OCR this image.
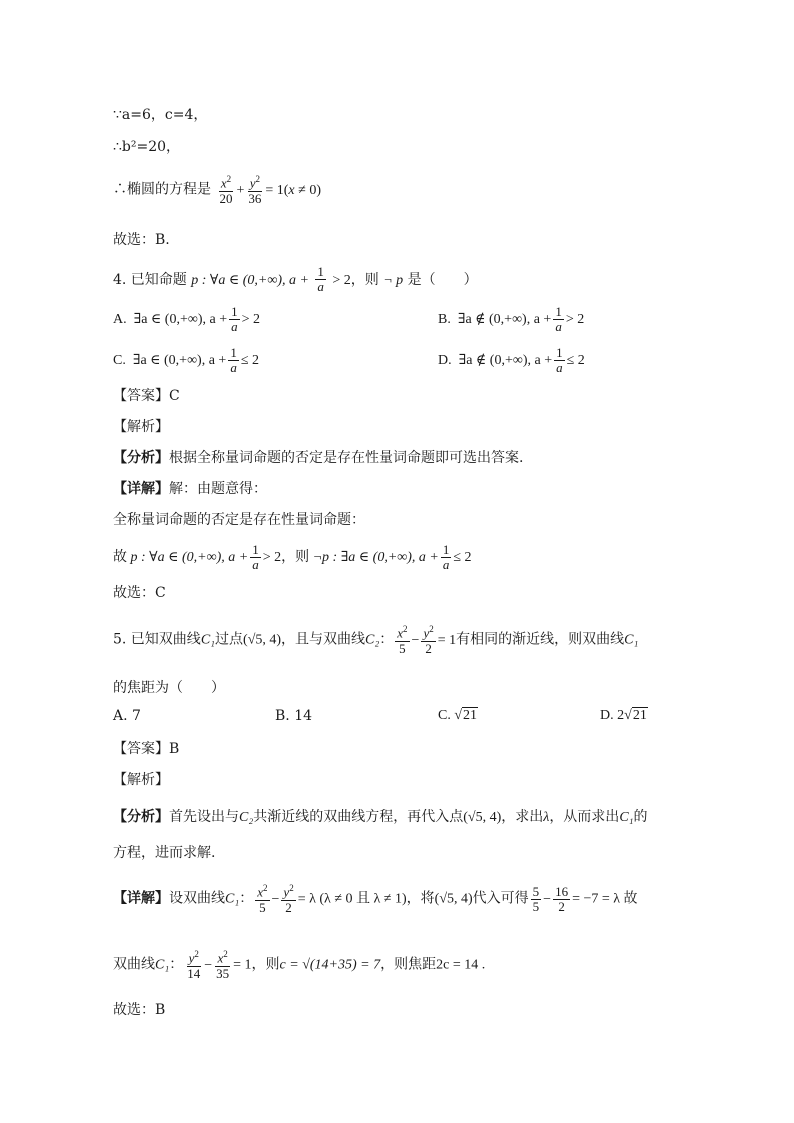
∵a=6，c=4，
∴b²=20，
∴椭圆的方程是 $\frac{x^2}{20} + \frac{y^2}{36} = 1(x \ne 0)$
故选：B.
4. 已知命题 p : ∀a ∈ (0,+∞), $a + \frac{1}{a} > 2$，则 ¬ p 是（　　）
A. ∃a ∈ (0,+∞), $a + \frac{1}{a} > 2$	B. ∃a ∉ (0,+∞), $a + \frac{1}{a} > 2$
C. ∃a ∈ (0,+∞), $a + \frac{1}{a} \le 2$	D. ∃a ∉ (0,+∞), $a + \frac{1}{a} \le 2$
【答案】C
【解析】
【分析】根据全称量词命题的否定是存在性量词命题即可选出答案.
【详解】解：由题意得：
全称量词命题的否定是存在性量词命题：
故 p : ∀a ∈ (0,+∞), $a + \frac{1}{a} > 2$，则 ¬p : ∃a ∈ (0,+∞), $a + \frac{1}{a} \le 2$
故选：C
5. 已知双曲线C₁过点(√5, 4)，且与双曲线C₂： $\frac{x^2}{5} - \frac{y^2}{2} = 1$有相同的渐近线，则双曲线C₁
的焦距为（　　）
A. 7	B. 14	C. √21	D. 2√21
【答案】B
【解析】
【分析】首先设出与C₂共渐近线的双曲线方程，再代入点(√5, 4)，求出λ，从而求出C₁的
方程，进而求解.
【详解】设双曲线C₁： $\frac{x^2}{5} - \frac{y^2}{2} = \lambda$ (λ ≠ 0 且 λ ≠ 1)，将(√5, 4)代入可得 $\frac{5}{5} - \frac{16}{2} = -7 = \lambda$ 故
双曲线C₁： $\frac{y^2}{14} - \frac{x^2}{35} = 1$，则c = √(14+35) = 7，则焦距2c = 14 .
故选：B
